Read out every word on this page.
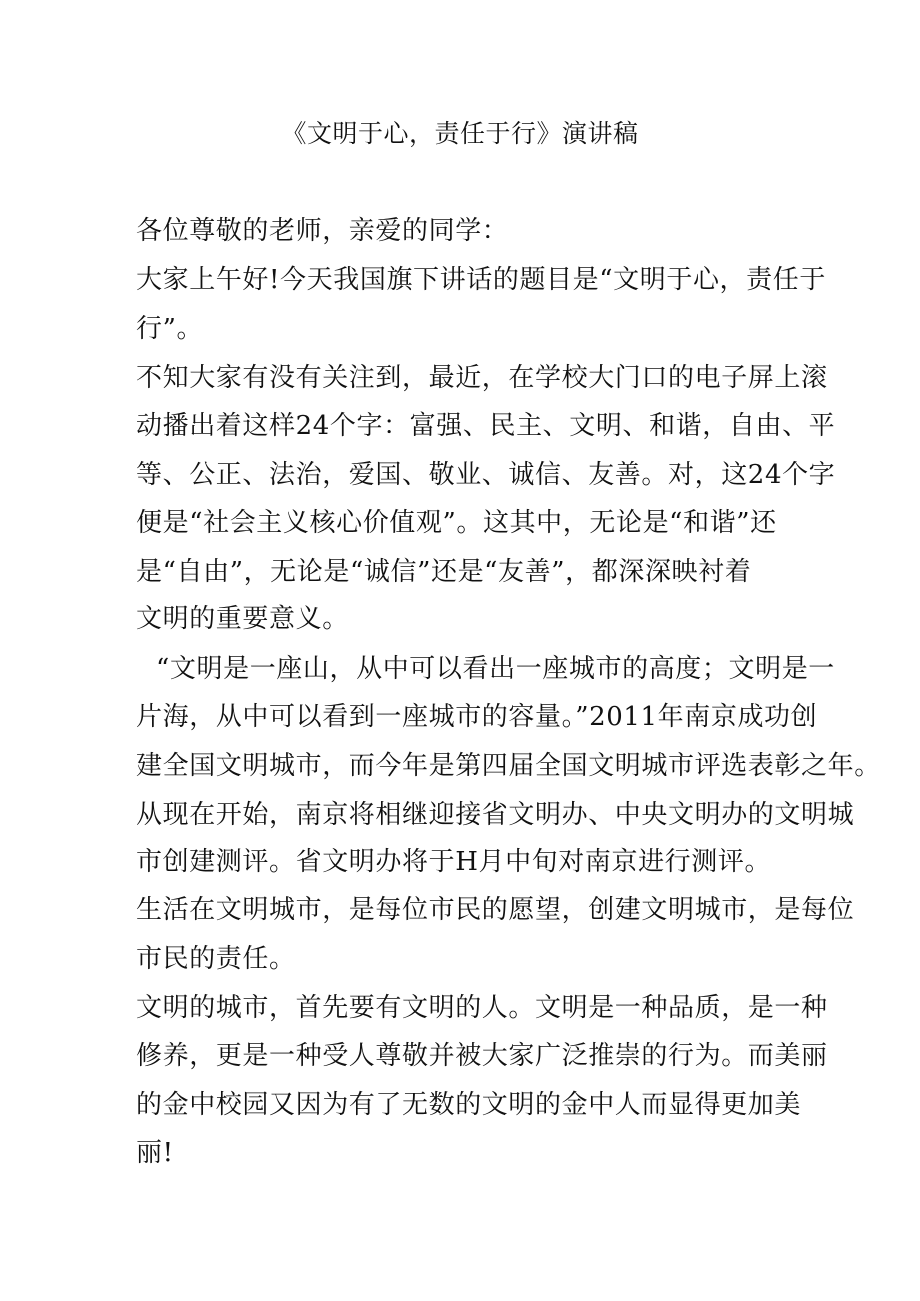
《文明于心，责任于行》演讲稿

各位尊敬的老师，亲爱的同学：

大家上午好!今天我国旗下讲话的题目是“文明于心，责任于

行”。

不知大家有没有关注到，最近，在学校大门口的电子屏上滚

动播出着这样24个字：富强、民主、文明、和谐，自由、平

等、公正、法治，爱国、敬业、诚信、友善。对，这24个字

便是“社会主义核心价值观”。这其中，无论是“和谐”还

是“自由”，无论是“诚信”还是“友善”，都深深映衬着

文明的重要意义。

“文明是一座山，从中可以看出一座城市的高度；文明是一

片海，从中可以看到一座城市的容量。”2011年南京成功创

建全国文明城市，而今年是第四届全国文明城市评选表彰之年。

从现在开始，南京将相继迎接省文明办、中央文明办的文明城

市创建测评。省文明办将于H月中旬对南京进行测评。

生活在文明城市，是每位市民的愿望，创建文明城市，是每位

市民的责任。

文明的城市，首先要有文明的人。文明是一种品质，是一种

修养，更是一种受人尊敬并被大家广泛推崇的行为。而美丽

的金中校园又因为有了无数的文明的金中人而显得更加美

丽!
